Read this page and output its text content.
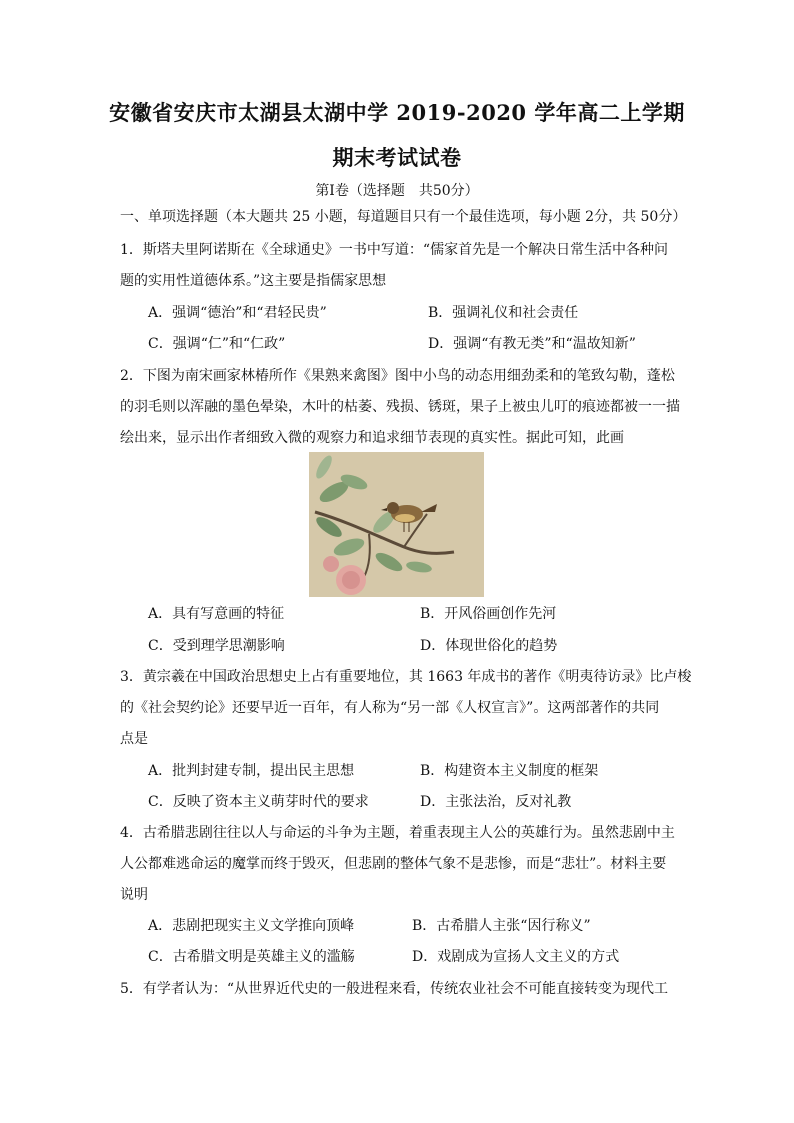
安徽省安庆市太湖县太湖中学 2019-2020 学年高二上学期
期末考试试卷
第Ⅰ卷（选择题　共50分）
一、单项选择题（本大题共 25 小题，每道题目只有一个最佳选项，每小题 2分，共 50分）
1．斯塔夫里阿诺斯在《全球通史》一书中写道：“儒家首先是一个解决日常生活中各种问
题的实用性道德体系。”这主要是指儒家思想
A．强调“德治”和“君轻民贵”	B．强调礼仪和社会责任
C．强调“仁”和“仁政”	D．强调“有教无类”和“温故知新”
2．下图为南宋画家林椿所作《果熟来禽图》图中小鸟的动态用细劲柔和的笔致勾勒，蓬松
的羽毛则以浑融的墨色晕染，木叶的枯萎、残损、锈斑，果子上被虫儿叮的痕迹都被一一描
绘出来，显示出作者细致入微的观察力和追求细节表现的真实性。据此可知，此画
A．具有写意画的特征	B．开风俗画创作先河
C．受到理学思潮影响	D．体现世俗化的趋势
3．黄宗羲在中国政治思想史上占有重要地位，其 1663 年成书的著作《明夷待访录》比卢梭
的《社会契约论》还要早近一百年，有人称为“另一部《人权宣言》”。这两部著作的共同
点是
A．批判封建专制，提出民主思想	B．构建资本主义制度的框架
C．反映了资本主义萌芽时代的要求	D．主张法治，反对礼教
4．古希腊悲剧往往以人与命运的斗争为主题，着重表现主人公的英雄行为。虽然悲剧中主
人公都难逃命运的魔掌而终于毁灭，但悲剧的整体气象不是悲惨，而是“悲壮”。材料主要
说明
A．悲剧把现实主义文学推向顶峰	B．古希腊人主张“因行称义”
C．古希腊文明是英雄主义的滥觞	D．戏剧成为宣扬人文主义的方式
5．有学者认为：“从世界近代史的一般进程来看，传统农业社会不可能直接转变为现代工
